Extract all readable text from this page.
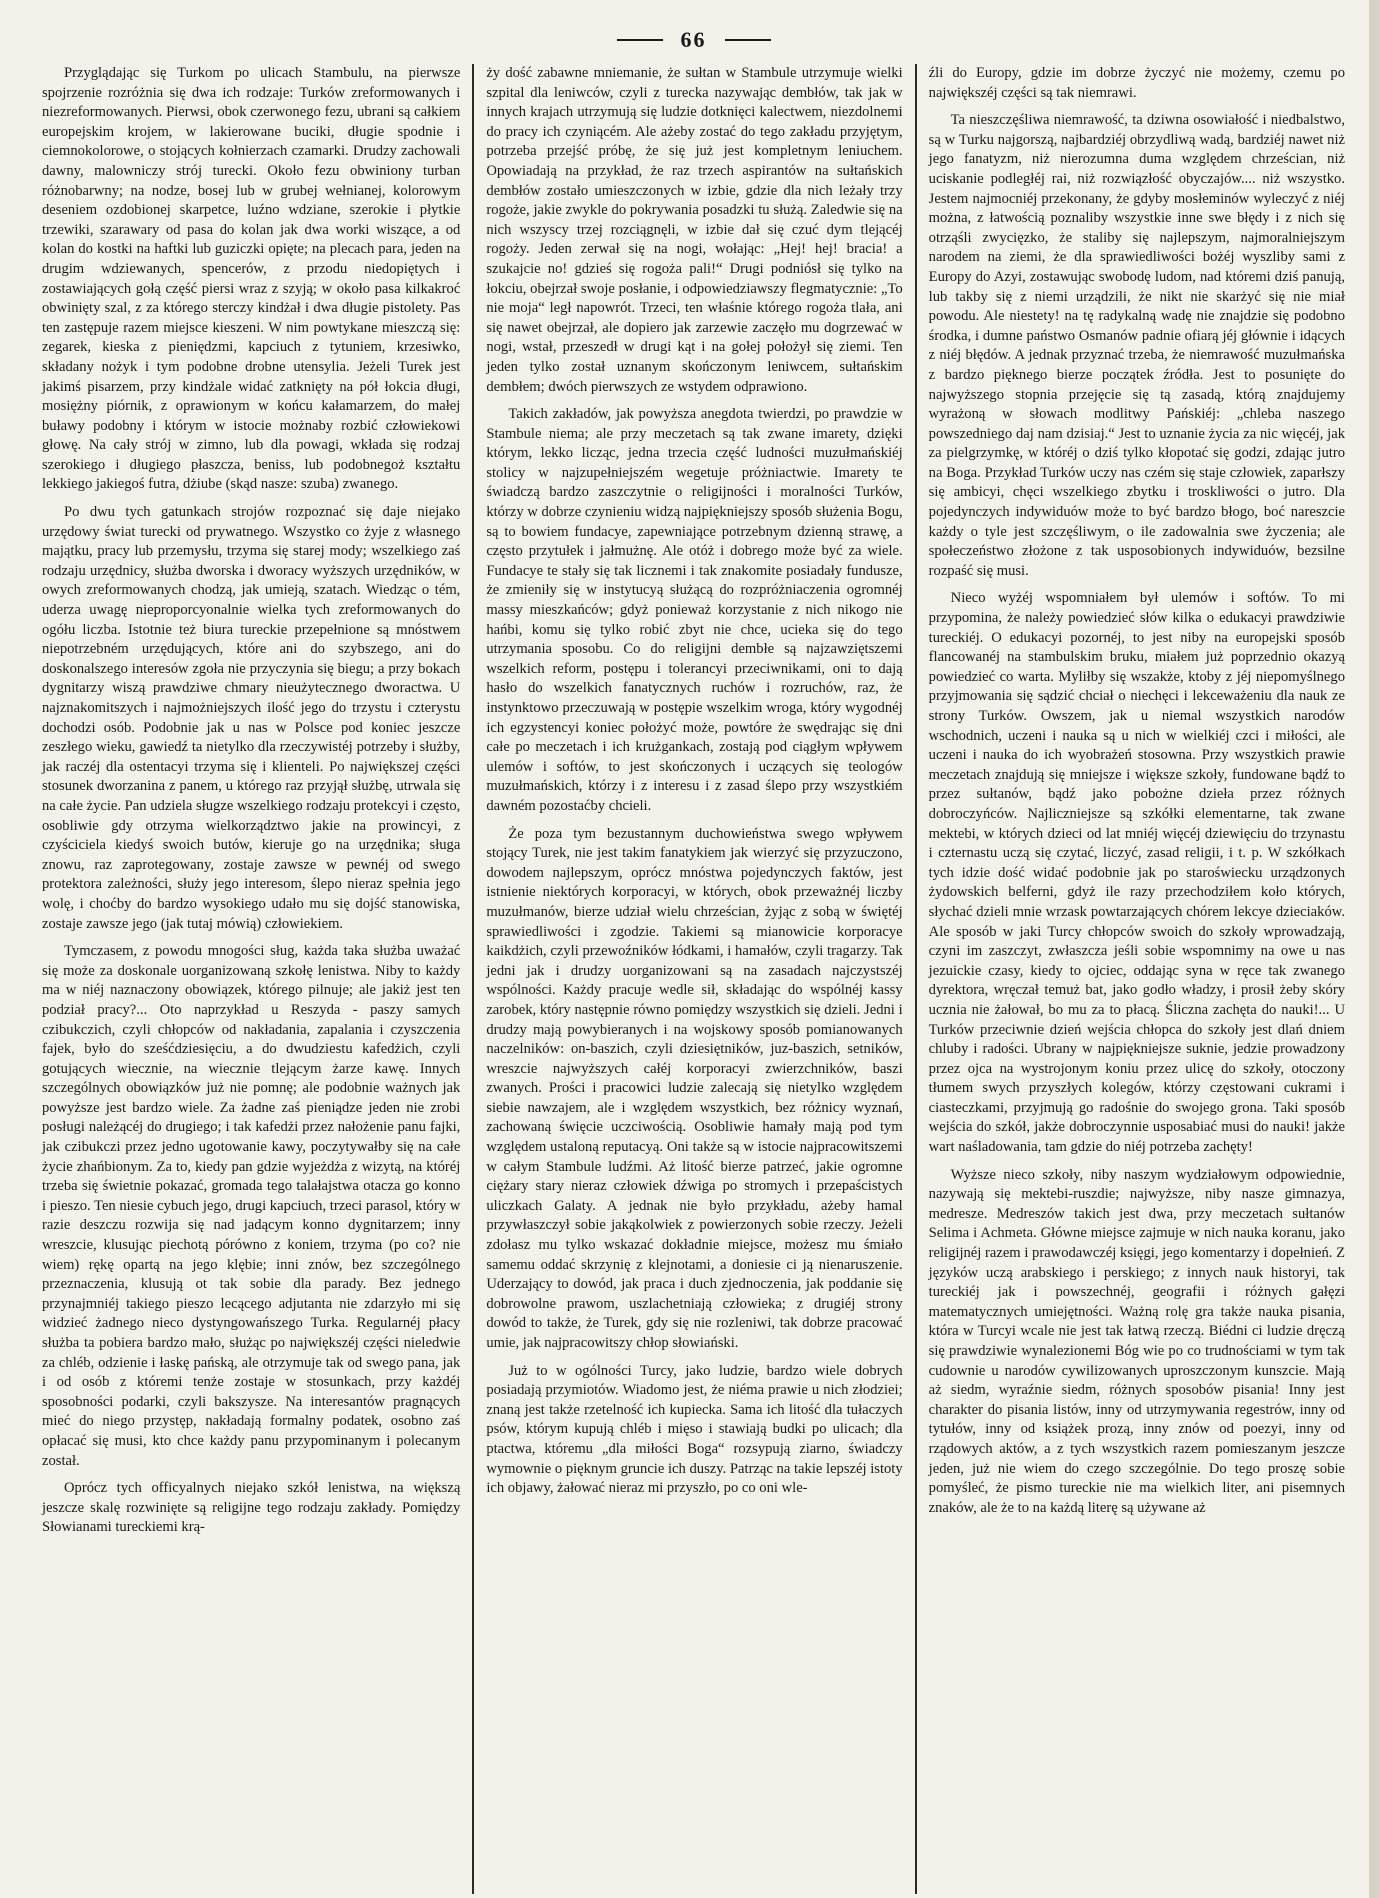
66

Przyglądając się Turkom po ulicach Stambulu, na pierwsze spojrzenie rozróżnia się dwa ich rodzaje: Turków zreformowanych i niezreformowanych. Pierwsi, obok czerwonego fezu, ubrani są całkiem europejskim krojem, w lakierowane buciki, długie spodnie i ciemnokolorowe, o stojących kołnierzach czamarki. Drudzy zachowali dawny, malowniczy strój turecki. Około fezu obwiniony turban różnobarwny; na nodze, bosej lub w grubej wełnianej, kolorowym deseniem ozdobionej skarpetce, luźno wdziane, szerokie i płytkie trzewiki, szarawary od pasa do kolan jak dwa worki wiszące, a od kolan do kostki na haftki lub guziczki opięte; na plecach para, jeden na drugim wdziewanych, spencerów, z przodu niedopiętych i zostawiających gołą część piersi wraz z szyją; w około pasa kilkakroć obwinięty szal, z za którego sterczy kindżał i dwa długie pistolety. Pas ten zastępuje razem miejsce kieszeni. W nim powtykane mieszczą się: zegarek, kieska z pieniędzmi, kapciuch z tytuniem, krzesiwko, składany nożyk i tym podobne drobne utensylia. Jeżeli Turek jest jakimś pisarzem, przy kindżale widać zatknięty na pół łokcia długi, mosiężny piórnik, z oprawionym w końcu kałamarzem, do małej buławy podobny i którym w istocie możnaby rozbić człowiekowi głowę. Na cały strój w zimno, lub dla powagi, wkłada się rodzaj szerokiego i długiego płaszcza, beniss, lub podobnegoż kształtu lekkiego jakiegoś futra, dżiube (skąd nasze: szuba) zwanego.

Po dwu tych gatunkach strojów rozpoznać się daje niejako urzędowy świat turecki od prywatnego. Wszystko co żyje z własnego majątku, pracy lub przemysłu, trzyma się starej mody; wszelkiego zaś rodzaju urzędnicy, służba dworska i dworacy wyższych urzędników, w owych zreformowanych chodzą, jak umieją, szatach. Wiedząc o tém, uderza uwagę nieproporcyonalnie wielka tych zreformowanych do ogółu liczba. Istotnie też biura tureckie przepełnione są mnóstwem niepotrzebném urzędujących, które ani do szybszego, ani do doskonalszego interesów zgoła nie przyczynia się biegu; a przy bokach dygnitarzy wiszą prawdziwe chmary nieużytecznego dworactwa. U najznakomitszych i najmożniejszych ilość jego do trzystu i czterystu dochodzi osób. Podobnie jak u nas w Polsce pod koniec jeszcze zeszłego wieku, gawiedź ta nietylko dla rzeczywistéj potrzeby i służby, jak raczéj dla ostentacyi trzyma się i klienteli. Po największej części stosunek dworzanina z panem, u którego raz przyjął służbę, utrwala się na całe życie. Pan udziela sługze wszelkiego rodzaju protekcyi i często, osobliwie gdy otrzyma wielkorządztwo jakie na prowincyi, z czyściciela kiedyś swoich butów, kieruje go na urzędnika; sługa znowu, raz zaprotegowany, zostaje zawsze w pewnéj od swego protektora zależności, służy jego interesom, ślepo nieraz spełnia jego wolę, i choćby do bardzo wysokiego udało mu się dojść stanowiska, zostaje zawsze jego (jak tutaj mówią) człowiekiem.

Tymczasem, z powodu mnogości sług, każda taka służba uważać się może za doskonale uorganizowaną szkołę lenistwa. Niby to każdy ma w niéj naznaczony obowiązek, którego pilnuje; ale jakiż jest ten podział pracy?... Oto naprzykład u Reszyda - paszy samych czibukczich, czyli chłopców od nakładania, zapalania i czyszczenia fajek, było do sześćdziesięciu, a do dwudziestu kafedżich, czyli gotujących wiecznie, na wiecznie tlejącym żarze kawę. Innych szczególnych obowiązków już nie pomnę; ale podobnie ważnych jak powyższe jest bardzo wiele. Za żadne zaś pieniądze jeden nie zrobi posługi należącéj do drugiego; i tak kafedżi przez nałożenie panu fajki, jak czibukczi przez jedno ugotowanie kawy, poczytywałby się na całe życie zhańbionym. Za to, kiedy pan gdzie wyjeżdża z wizytą, na któréj trzeba się świetnie pokazać, gromada tego talałajstwa otacza go konno i pieszo. Ten niesie cybuch jego, drugi kapciuch, trzeci parasol, który w razie deszczu rozwija się nad jadącym konno dygnitarzem; inny wreszcie, klusując piechotą pórówno z koniem, trzyma (po co? nie wiem) rękę opartą na jego klębie; inni znów, bez szczególnego przeznaczenia, klusują ot tak sobie dla parady. Bez jednego przynajmniéj takiego pieszo lecącego adjutanta nie zdarzyło mi się widzieć żadnego nieco dystyngowańszego Turka. Regularnéj płacy służba ta pobiera bardzo mało, służąc po największéj części nieledwie za chléb, odzienie i łaskę pańską, ale otrzymuje tak od swego pana, jak i od osób z któremi tenże zostaje w stosunkach, przy każdéj sposobności podarki, czyli bakszysze. Na interesantów pragnących mieć do niego przystęp, nakładają formalny podatek, osobno zaś opłacać się musi, kto chce każdy panu przypominanym i polecanym został.

Oprócz tych officyalnych niejako szkół lenistwa, na większą jeszcze skalę rozwinięte są religijne tego rodzaju zakłady. Pomiędzy Słowianami tureckiemi krą-

ży dość zabawne mniemanie, że sułtan w Stambule utrzymuje wielki szpital dla leniwców, czyli z turecka nazywając dembłów, tak jak w innych krajach utrzymują się ludzie dotknięci kalectwem, niezdolnemi do pracy ich czyniącém. Ale ażeby zostać do tego zakładu przyjętym, potrzeba przejść próbę, że się już jest kompletnym leniuchem. Opowiadają na przykład, że raz trzech aspirantów na sułtańskich dembłów zostało umieszczonych w izbie, gdzie dla nich leżały trzy rogoże, jakie zwykle do pokrywania posadzki tu służą. Zaledwie się na nich wszyscy trzej rozciągnęli, w izbie dał się czuć dym tlejącéj rogoży. Jeden zerwał się na nogi, wołając: „Hej! hej! bracia! a szukajcie no! gdzieś się rogoża pali!“ Drugi podniósł się tylko na łokciu, obejrzał swoje posłanie, i odpowiedziawszy flegmatycznie: „To nie moja“ legł napowrót. Trzeci, ten właśnie którego rogoża tlała, ani się nawet obejrzał, ale dopiero jak zarzewie zaczęło mu dogrzewać w nogi, wstał, przeszedł w drugi kąt i na gołej położył się ziemi. Ten jeden tylko został uznanym skończonym leniwcem, sułtańskim dembłem; dwóch pierwszych ze wstydem odprawiono.

Takich zakładów, jak powyższa anegdota twierdzi, po prawdzie w Stambule niema; ale przy meczetach są tak zwane imarety, dzięki którym, lekko licząc, jedna trzecia część ludności muzułmańskiéj stolicy w najzupełniejszém wegetuje próżniactwie. Imarety te świadczą bardzo zaszczytnie o religijności i moralności Turków, którzy w dobrze czynieniu widzą najpiękniejszy sposób służenia Bogu, są to bowiem fundacye, zapewniające potrzebnym dzienną strawę, a często przytułek i jałmużnę. Ale otóż i dobrego może być za wiele. Fundacye te stały się tak licznemi i tak znakomite posiadały fundusze, że zmieniły się w instytucyą służącą do rozpróżniaczenia ogromnéj massy mieszkańców; gdyż ponieważ korzystanie z nich nikogo nie hańbi, komu się tylko robić zbyt nie chce, ucieka się do tego utrzymania sposobu. Co do religijni dembłe są najzawziętszemi wszelkich reform, postępu i tolerancyi przeciwnikami, oni to dają hasło do wszelkich fanatycznych ruchów i rozruchów, raz, że instynktowo przeczuwają w postępie wszelkim wroga, który wygodnéj ich egzystencyi koniec położyć może, powtóre że swędrając się dni całe po meczetach i ich krużgankach, zostają pod ciągłym wpływem ulemów i softów, to jest skończonych i uczących się teologów muzułmańskich, którzy i z interesu i z zasad ślepo przy wszystkiém dawném pozostaćby chcieli.

Że poza tym bezustannym duchowieństwa swego wpływem stojący Turek, nie jest takim fanatykiem jak wierzyć się przyzuczono, dowodem najlepszym, oprócz mnóstwa pojedynczych faktów, jest istnienie niektórych korporacyi, w których, obok przeważnéj liczby muzułmanów, bierze udział wielu chrześcian, żyjąc z sobą w świętéj sprawiedliwości i zgodzie. Takiemi są mianowicie korporacye kaikdżich, czyli przewoźników łódkami, i hamałów, czyli tragarzy. Tak jedni jak i drudzy uorganizowani są na zasadach najczystszéj wspólności. Każdy pracuje wedle sił, składając do wspólnéj kassy zarobek, który następnie równo pomiędzy wszystkich się dzieli. Jedni i drudzy mają powybieranych i na wojskowy sposób pomianowanych naczelników: on-baszich, czyli dziesiętników, juz-baszich, setników, wreszcie najwyższych całéj korporacyi zwierzchników, baszi zwanych. Prości i pracowici ludzie zalecają się nietylko względem siebie nawzajem, ale i względem wszystkich, bez różnicy wyznań, zachowaną święcie uczciwością. Osobliwie hamały mają pod tym względem ustaloną reputacyą. Oni także są w istocie najpracowitszemi w całym Stambule ludźmi. Aż litość bierze patrzeć, jakie ogromne ciężary stary nieraz człowiek dźwiga po stromych i przepaścistych uliczkach Galaty. A jednak nie było przykładu, ażeby hamal przywłaszczył sobie jakąkolwiek z powierzonych sobie rzeczy. Jeżeli zdołasz mu tylko wskazać dokładnie miejsce, możesz mu śmiało samemu oddać skrzynię z klejnotami, a doniesie ci ją nienaruszenie. Uderzający to dowód, jak praca i duch zjednoczenia, jak poddanie się dobrowolne prawom, uszlachetniają człowieka; z drugiéj strony dowód to także, że Turek, gdy się nie rozleniwi, tak dobrze pracować umie, jak najpracowitszy chłop słowiański.

Już to w ogólności Turcy, jako ludzie, bardzo wiele dobrych posiadają przymiotów. Wiadomo jest, że niéma prawie u nich złodziei; znaną jest także rzetelność ich kupiecka. Sama ich litość dla tułaczych psów, którym kupują chléb i mięso i stawiają budki po ulicach; dla ptactwa, któremu „dla miłości Boga“ rozsypują ziarno, świadczy wymownie o pięknym gruncie ich duszy. Patrząc na takie lepszéj istoty ich objawy, żałować nieraz mi przyszło, po co oni wle-

źli do Europy, gdzie im dobrze życzyć nie możemy, czemu po największéj części są tak niemrawi.

Ta nieszczęśliwa niemrawość, ta dziwna osowiałość i niedbalstwo, są w Turku najgorszą, najbardziéj obrzydliwą wadą, bardziéj nawet niż jego fanatyzm, niż nierozumna duma względem chrześcian, niż uciskanie podległéj rai, niż rozwiązłość obyczajów.... niż wszystko. Jestem najmocniéj przekonany, że gdyby mosłeminów wyleczyć z niéj można, z łatwością poznaliby wszystkie inne swe błędy i z nich się otrząśli zwycięzko, że staliby się najlepszym, najmoralniejszym narodem na ziemi, że dla sprawiedliwości bożéj wyszliby sami z Europy do Azyi, zostawując swobodę ludom, nad któremi dziś panują, lub takby się z niemi urządzili, że nikt nie skarżyć się nie miał powodu. Ale niestety! na tę radykalną wadę nie znajdzie się podobno środka, i dumne państwo Osmanów padnie ofiarą jéj głównie i idących z niéj błędów. A jednak przyznać trzeba, że niemrawość muzułmańska z bardzo pięknego bierze początek źródła. Jest to posunięte do najwyższego stopnia przejęcie się tą zasadą, którą znajdujemy wyrażoną w słowach modlitwy Pańskiéj: „chleba naszego powszedniego daj nam dzisiaj.“ Jest to uznanie życia za nic więcéj, jak za pielgrzymkę, w któréj o dziś tylko kłopotać się godzi, zdając jutro na Boga. Przykład Turków uczy nas czém się staje człowiek, zaparłszy się ambicyi, chęci wszelkiego zbytku i troskliwości o jutro. Dla pojedynczych indywiduów może to być bardzo błogo, boć nareszcie każdy o tyle jest szczęśliwym, o ile zadowalnia swe życzenia; ale społeczeństwo złożone z tak usposobionych indywiduów, bezsilne rozpaść się musi.

Nieco wyżéj wspomniałem był ulemów i softów. To mi przypomina, że należy powiedzieć słów kilka o edukacyi prawdziwie tureckiéj. O edukacyi pozornéj, to jest niby na europejski sposób flancowanéj na stambulskim bruku, miałem już poprzednio okazyą powiedzieć co warta. Myliłby się wszakże, ktoby z jéj niepomyślnego przyjmowania się sądzić chciał o niechęci i lekceważeniu dla nauk ze strony Turków. Owszem, jak u niemal wszystkich narodów wschodnich, uczeni i nauka są u nich w wielkiéj czci i miłości, ale uczeni i nauka do ich wyobrażeń stosowna. Przy wszystkich prawie meczetach znajdują się mniejsze i większe szkoły, fundowane bądź to przez sułtanów, bądź jako pobożne dzieła przez różnych dobroczyńców. Najliczniejsze są szkółki elementarne, tak zwane mektebi, w których dzieci od lat mniéj więcéj dziewięciu do trzynastu i czternastu uczą się czytać, liczyć, zasad religii, i t. p. W szkółkach tych idzie dość widać podobnie jak po staroświecku urządzonych żydowskich belferni, gdyż ile razy przechodziłem koło których, słychać dzieli mnie wrzask powtarzających chórem lekcye dzieciaków. Ale sposób w jaki Turcy chłopców swoich do szkoły wprowadzają, czyni im zaszczyt, zwłaszcza jeśli sobie wspomnimy na owe u nas jezuickie czasy, kiedy to ojciec, oddając syna w ręce tak zwanego dyrektora, wręczał temuż bat, jako godło władzy, i prosił żeby skóry ucznia nie żałował, bo mu za to płacą. Śliczna zachęta do nauki!... U Turków przeciwnie dzień wejścia chłopca do szkoły jest dlań dniem chluby i radości. Ubrany w najpiękniejsze suknie, jedzie prowadzony przez ojca na wystrojonym koniu przez ulicę do szkoły, otoczony tłumem swych przyszłych kolegów, którzy częstowani cukrami i ciasteczkami, przyjmują go radośnie do swojego grona. Taki sposób wejścia do szkół, jakże dobroczynnie usposabiać musi do nauki! jakże wart naśladowania, tam gdzie do niéj potrzeba zachęty!

Wyższe nieco szkoły, niby naszym wydziałowym odpowiednie, nazywają się mektebi-ruszdie; najwyższe, niby nasze gimnazya, medresze. Medreszów takich jest dwa, przy meczetach sułtanów Selima i Achmeta. Główne miejsce zajmuje w nich nauka koranu, jako religijnéj razem i prawodawczéj księgi, jego komentarzy i dopełnień. Z języków uczą arabskiego i perskiego; z innych nauk historyi, tak tureckiéj jak i powszechnéj, geografii i różnych gałęzi matematycznych umiejętności. Ważną rolę gra także nauka pisania, która w Turcyi wcale nie jest tak łatwą rzeczą. Biédni ci ludzie dręczą się prawdziwie wynalezionemi Bóg wie po co trudnościami w tym tak cudownie u narodów cywilizowanych uproszczonym kunszcie. Mają aż siedm, wyraźnie siedm, różnych sposobów pisania! Inny jest charakter do pisania listów, inny od utrzymywania regestrów, inny od tytułów, inny od książek prozą, inny znów od poezyi, inny od rządowych aktów, a z tych wszystkich razem pomieszanym jeszcze jeden, już nie wiem do czego szczególnie. Do tego proszę sobie pomyśleć, że pismo tureckie nie ma wielkich liter, ani pisemnych znaków, ale że to na każdą literę są używane aż
